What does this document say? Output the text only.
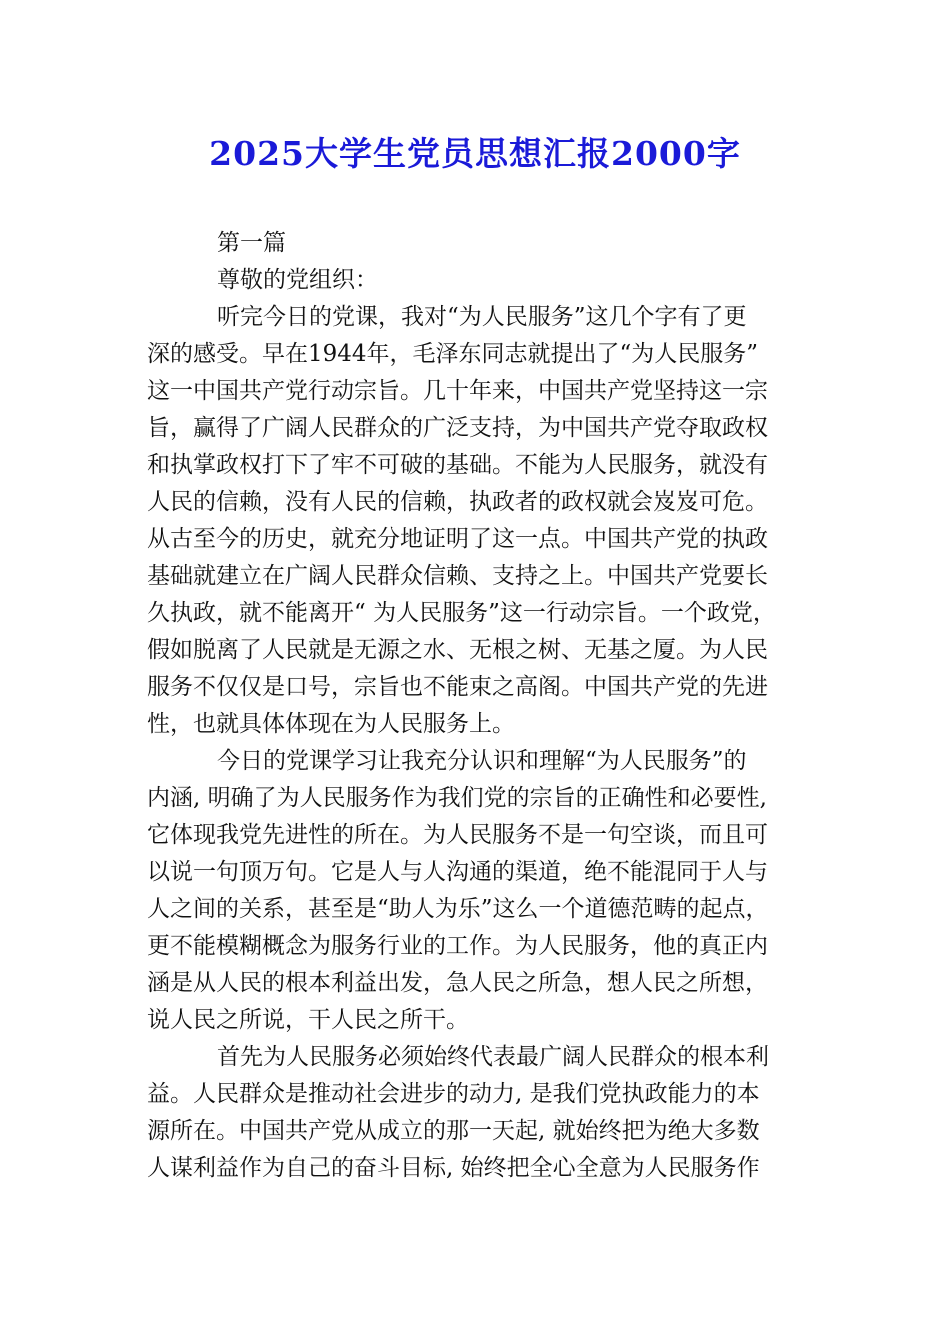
2025大学生党员思想汇报2000字
第一篇
尊敬的党组织：
听完今日的党课，我对“为人民服务”这几个字有了更
深的感受。早在1944年，毛泽东同志就提出了“为人民服务”
这一中国共产党行动宗旨。几十年来，中国共产党坚持这一宗
旨，赢得了广阔人民群众的广泛支持，为中国共产党夺取政权
和执掌政权打下了牢不可破的基础。不能为人民服务，就没有
人民的信赖，没有人民的信赖，执政者的政权就会岌岌可危。
从古至今的历史，就充分地证明了这一点。中国共产党的执政
基础就建立在广阔人民群众信赖、支持之上。中国共产党要长
久执政，就不能离开“ 为人民服务”这一行动宗旨。一个政党，
假如脱离了人民就是无源之水、无根之树、无基之厦。为人民
服务不仅仅是口号，宗旨也不能束之高阁。中国共产党的先进
性，也就具体体现在为人民服务上。
今日的党课学习让我充分认识和理解“为人民服务”的
内涵, 明确了为人民服务作为我们党的宗旨的正确性和必要性,
它体现我党先进性的所在。为人民服务不是一句空谈，而且可
以说一句顶万句。它是人与人沟通的渠道，绝不能混同于人与
人之间的关系，甚至是“助人为乐”这么一个道德范畴的起点，
更不能模糊概念为服务行业的工作。为人民服务，他的真正内
涵是从人民的根本利益出发，急人民之所急，想人民之所想，
说人民之所说，干人民之所干。
首先为人民服务必须始终代表最广阔人民群众的根本利
益。人民群众是推动社会进步的动力, 是我们党执政能力的本
源所在。中国共产党从成立的那一天起, 就始终把为绝大多数
人谋利益作为自己的奋斗目标, 始终把全心全意为人民服务作
